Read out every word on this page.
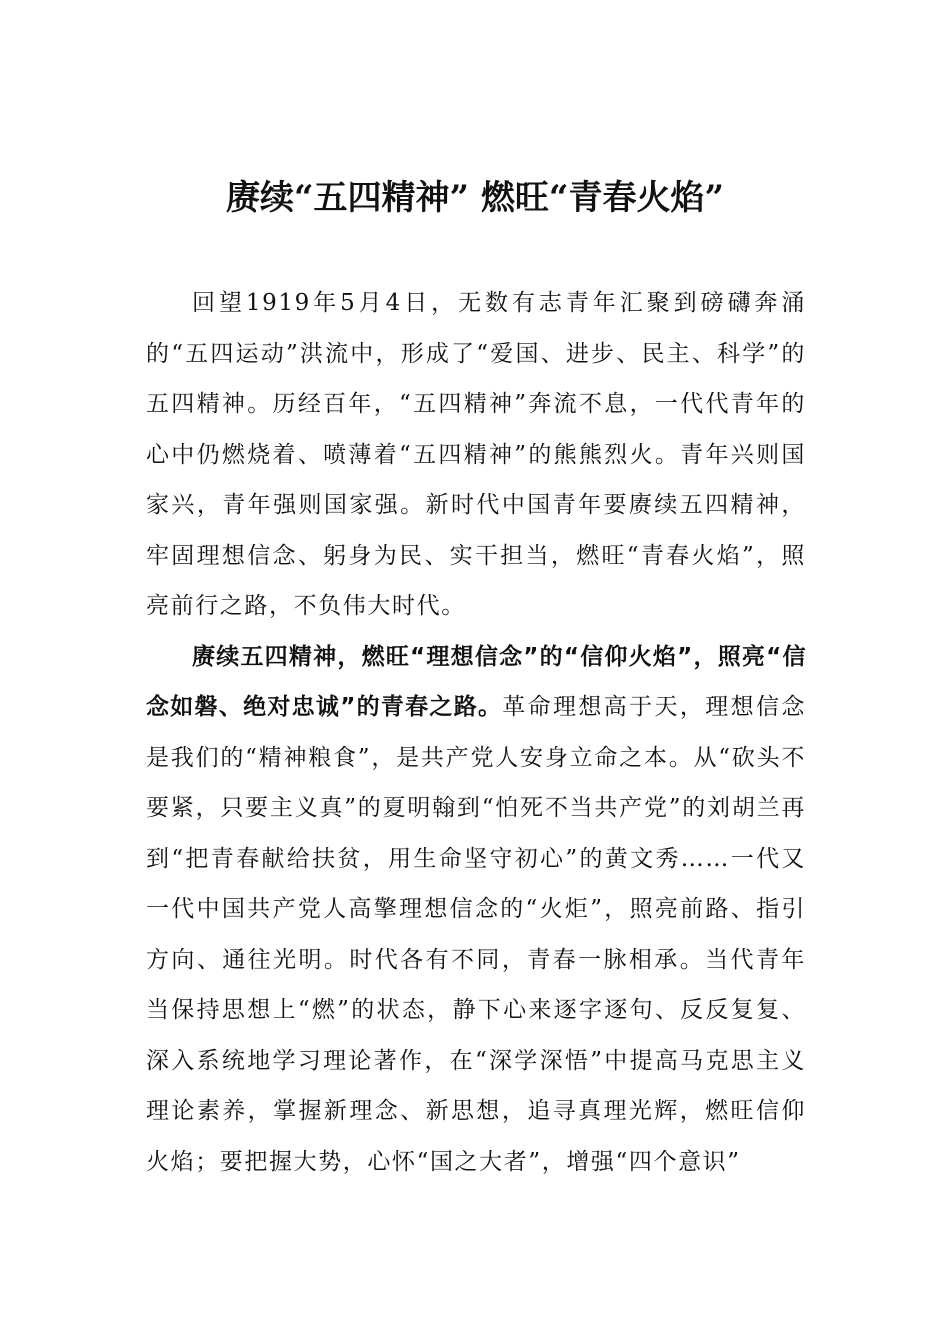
赓续“五四精神” 燃旺“青春火焰”

回望1919年5月4日，无数有志青年汇聚到磅礴奔涌的“五四运动”洪流中，形成了“爱国、进步、民主、科学”的五四精神。历经百年，“五四精神”奔流不息，一代代青年的心中仍燃烧着、喷薄着“五四精神”的熊熊烈火。青年兴则国家兴，青年强则国家强。新时代中国青年要赓续五四精神，牢固理想信念、躬身为民、实干担当，燃旺“青春火焰”，照亮前行之路，不负伟大时代。

赓续五四精神，燃旺“理想信念”的“信仰火焰”，照亮“信念如磐、绝对忠诚”的青春之路。革命理想高于天，理想信念是我们的“精神粮食”，是共产党人安身立命之本。从“砍头不要紧，只要主义真”的夏明翰到“怕死不当共产党”的刘胡兰再到“把青春献给扶贫，用生命坚守初心”的黄文秀……一代又一代中国共产党人高擎理想信念的“火炬”，照亮前路、指引方向、通往光明。时代各有不同，青春一脉相承。当代青年当保持思想上“燃”的状态，静下心来逐字逐句、反反复复、深入系统地学习理论著作，在“深学深悟”中提高马克思主义理论素养，掌握新理念、新思想，追寻真理光辉，燃旺信仰火焰；要把握大势，心怀“国之大者”，增强“四个意识”
